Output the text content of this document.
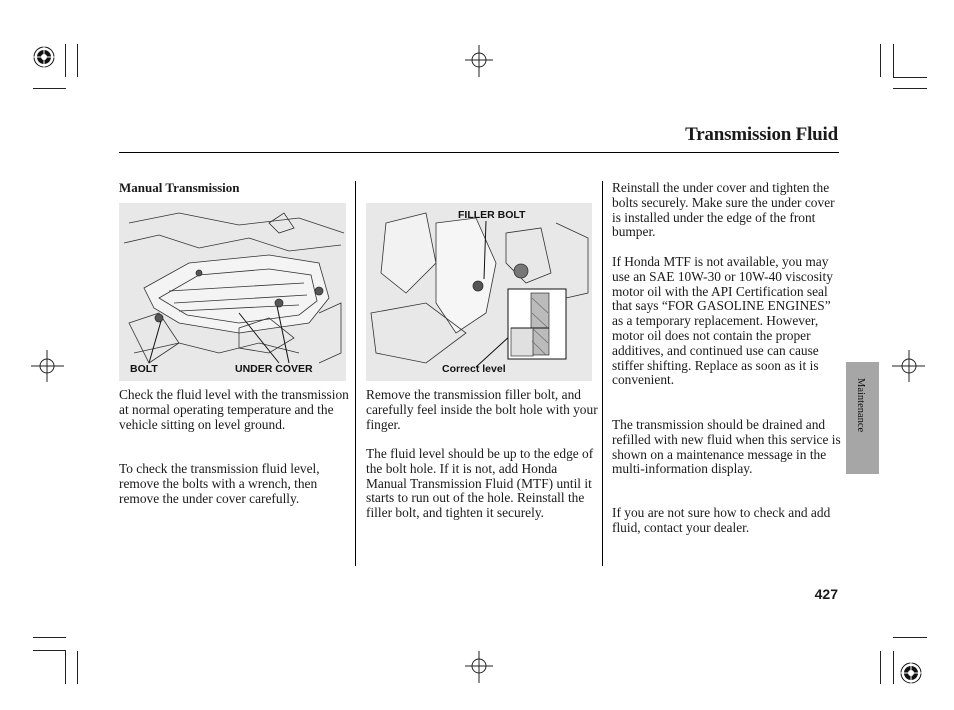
Transmission Fluid
Manual Transmission
BOLT	UNDER COVER

Check the fluid level with the transmission at normal operating temperature and the vehicle sitting on level ground.

To check the transmission fluid level, remove the bolts with a wrench, then remove the under cover carefully.

FILLER BOLT
Correct level

Remove the transmission filler bolt, and carefully feel inside the bolt hole with your finger.

The fluid level should be up to the edge of the bolt hole. If it is not, add Honda Manual Transmission Fluid (MTF) until it starts to run out of the hole. Reinstall the filler bolt, and tighten it securely.

Reinstall the under cover and tighten the bolts securely. Make sure the under cover is installed under the edge of the front bumper.

If Honda MTF is not available, you may use an SAE 10W-30 or 10W-40 viscosity motor oil with the API Certification seal that says “FOR GASOLINE ENGINES” as a temporary replacement. However, motor oil does not contain the proper additives, and continued use can cause stiffer shifting. Replace as soon as it is convenient.

The transmission should be drained and refilled with new fluid when this service is shown on a maintenance message in the multi-information display.

If you are not sure how to check and add fluid, contact your dealer.

Maintenance
427
